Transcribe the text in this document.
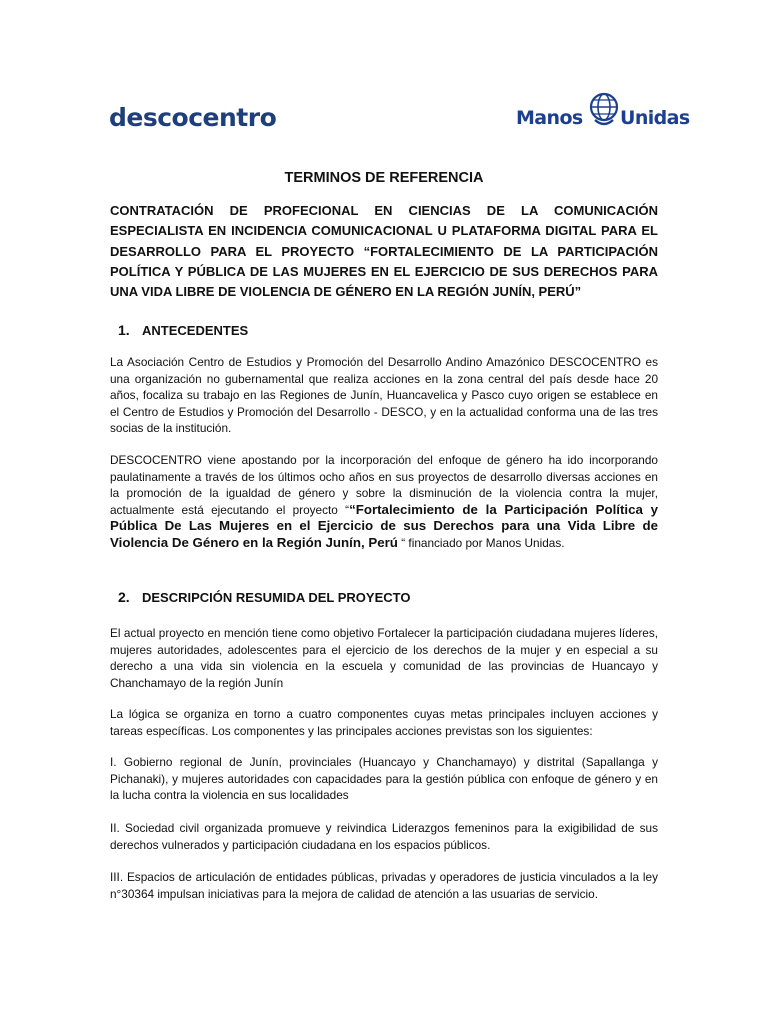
descocentro	Manos Unidas
TERMINOS DE REFERENCIA
CONTRATACIÓN DE PROFECIONAL EN CIENCIAS DE LA COMUNICACIÓN ESPECIALISTA EN INCIDENCIA COMUNICACIONAL U PLATAFORMA DIGITAL PARA EL DESARROLLO PARA EL PROYECTO “FORTALECIMIENTO DE LA PARTICIPACIÓN POLÍTICA Y PÚBLICA DE LAS MUJERES EN EL EJERCICIO DE SUS DERECHOS PARA UNA VIDA LIBRE DE VIOLENCIA DE GÉNERO EN LA REGIÓN JUNÍN, PERÚ”
1. ANTECEDENTES
La Asociación Centro de Estudios y Promoción del Desarrollo Andino Amazónico DESCOCENTRO es una organización no gubernamental que realiza acciones en la zona central del país desde hace 20 años, focaliza su trabajo en las Regiones de Junín, Huancavelica y Pasco cuyo origen se establece en el Centro de Estudios y Promoción del Desarrollo - DESCO, y en la actualidad conforma una de las tres socias de la institución.
DESCOCENTRO viene apostando por la incorporación del enfoque de género ha ido incorporando paulatinamente a través de los últimos ocho años en sus proyectos de desarrollo diversas acciones en la promoción de la igualdad de género y sobre la disminución de la violencia contra la mujer, actualmente está ejecutando el proyecto ““Fortalecimiento de la Participación Política y Pública De Las Mujeres en el Ejercicio de sus Derechos para una Vida Libre de Violencia De Género en la Región Junín, Perú “ financiado por Manos Unidas.
2. DESCRIPCIÓN RESUMIDA DEL PROYECTO
El actual proyecto en mención tiene como objetivo Fortalecer la participación ciudadana mujeres líderes, mujeres autoridades, adolescentes para el ejercicio de los derechos de la mujer y en especial a su derecho a una vida sin violencia en la escuela y comunidad de las provincias de Huancayo y Chanchamayo de la región Junín
La lógica se organiza en torno a cuatro componentes cuyas metas principales incluyen acciones y tareas específicas. Los componentes y las principales acciones previstas son los siguientes:
I. Gobierno regional de Junín, provinciales (Huancayo y Chanchamayo) y distrital (Sapallanga y Pichanaki), y mujeres autoridades con capacidades para la gestión pública con enfoque de género y en la lucha contra la violencia en sus localidades
II. Sociedad civil organizada promueve y reivindica Liderazgos femeninos para la exigibilidad de sus derechos vulnerados y participación ciudadana en los espacios públicos.
III. Espacios de articulación de entidades públicas, privadas y operadores de justicia vinculados a la ley n°30364 impulsan iniciativas para la mejora de calidad de atención a las usuarias de servicio.
